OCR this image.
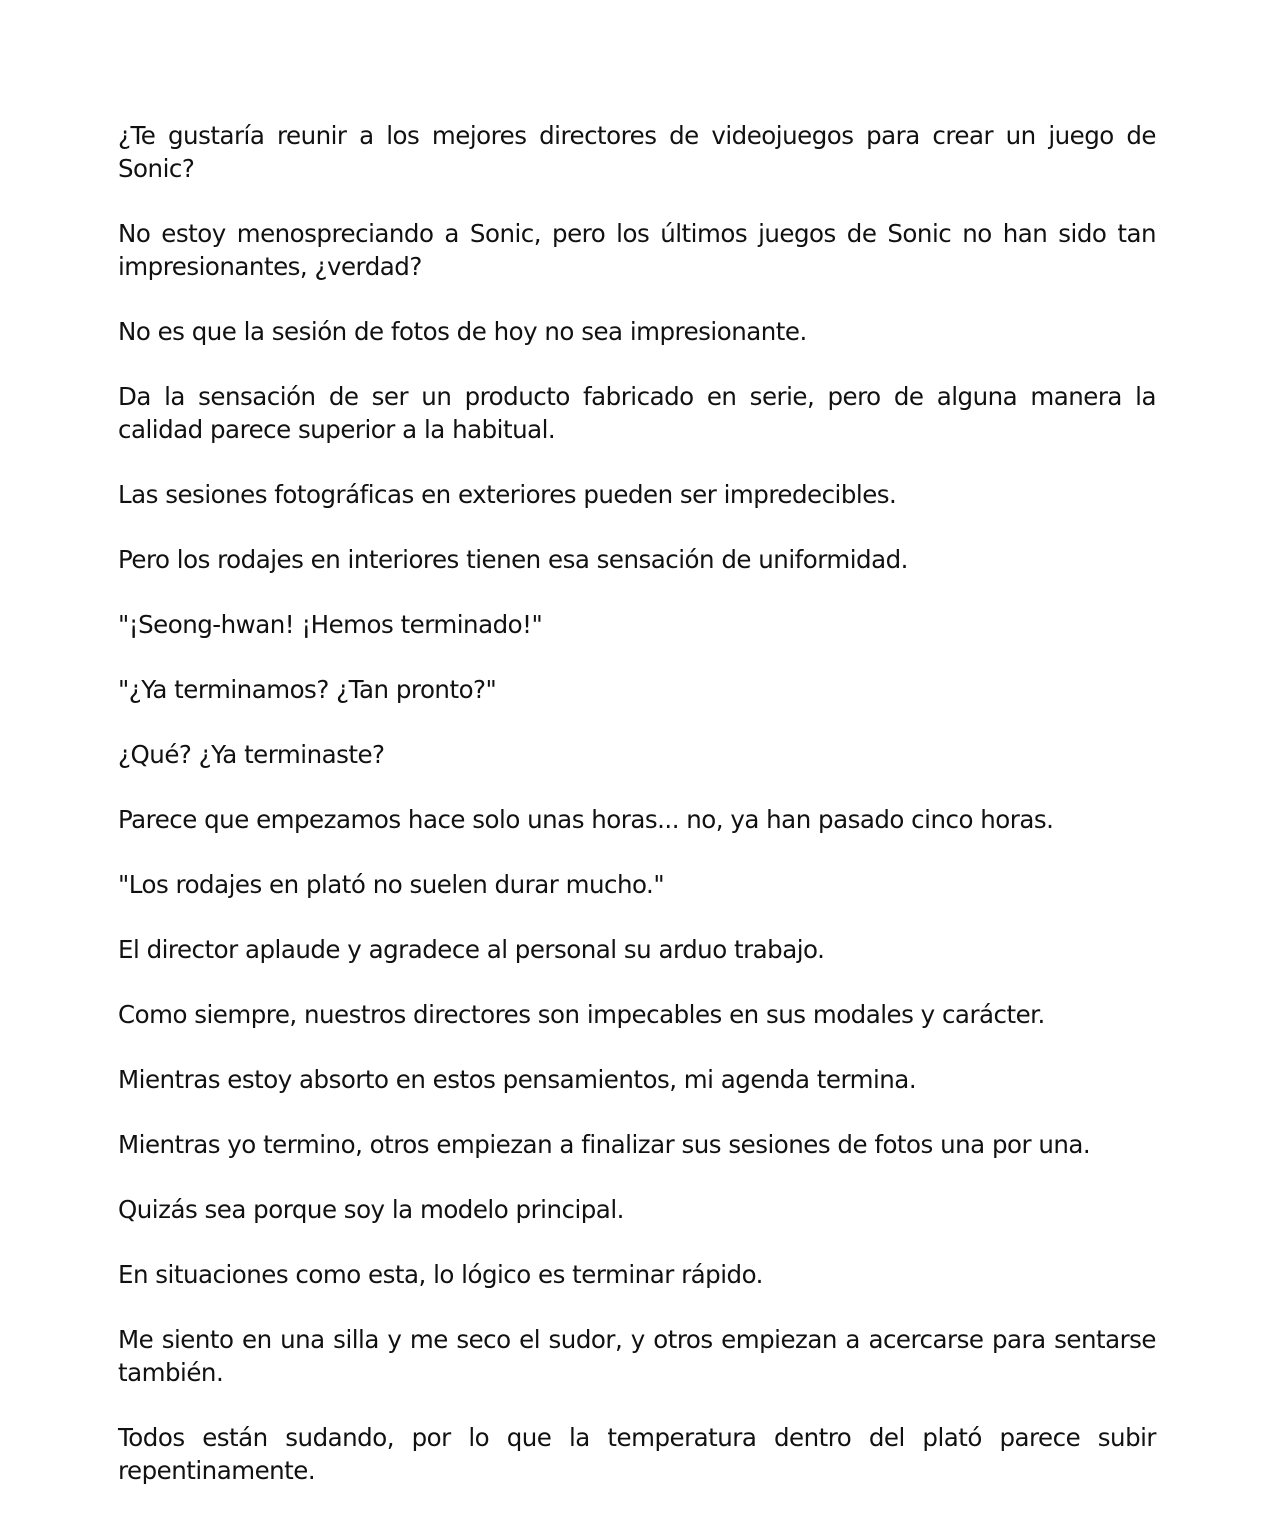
¿Te gustaría reunir a los mejores directores de videojuegos para crear un juego de Sonic?

No estoy menospreciando a Sonic, pero los últimos juegos de Sonic no han sido tan impresionantes, ¿verdad?

No es que la sesión de fotos de hoy no sea impresionante.

Da la sensación de ser un producto fabricado en serie, pero de alguna manera la calidad parece superior a la habitual.

Las sesiones fotográficas en exteriores pueden ser impredecibles.

Pero los rodajes en interiores tienen esa sensación de uniformidad.

"¡Seong-hwan! ¡Hemos terminado!"

"¿Ya terminamos? ¿Tan pronto?"

¿Qué? ¿Ya terminaste?

Parece que empezamos hace solo unas horas... no, ya han pasado cinco horas.

"Los rodajes en plató no suelen durar mucho."

El director aplaude y agradece al personal su arduo trabajo.

Como siempre, nuestros directores son impecables en sus modales y carácter.

Mientras estoy absorto en estos pensamientos, mi agenda termina.

Mientras yo termino, otros empiezan a finalizar sus sesiones de fotos una por una.

Quizás sea porque soy la modelo principal.

En situaciones como esta, lo lógico es terminar rápido.

Me siento en una silla y me seco el sudor, y otros empiezan a acercarse para sentarse también.

Todos están sudando, por lo que la temperatura dentro del plató parece subir repentinamente.
